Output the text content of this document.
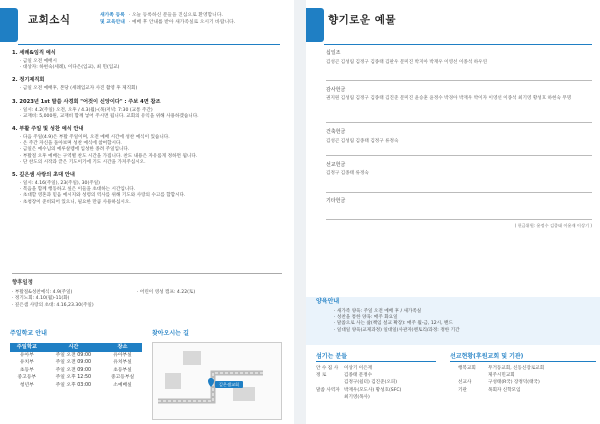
교회소식	새가족 등록
및 교육안내
· 오늘 등록하신 분들을 진심으로 환영합니다.
· 예배 후 안내를 받아 새가족실로 오시기 바랍니다.
1. 세례&임직 예식
· 금일 오전 예배시
· 대상자: 하현숙(세례), 이다은(입교), 최 민(입교)
2. 정기제직회
· 금일 오전 예배후, 본당 (세례입교자 사진 촬영 후 제직회)
3. 2023년 1st 말씀 사경회 "어것이 신앙이다" : 주보 4면 참조
· 일시: 4.2(주일) 오전, 오후 / 4.3(월)-(목)저녁: 7:30 (교통 주간)
· 교재비: 5,000원, 교재비 함께 넣어 주시면 됩니다. 교회의 유익을 위해 사용하겠습니다.
4. 부활 주일 및 성찬 예식 안내
· 다음 주일(4.9)은 부활 주일이며, 오전 예배 시간에 성찬 예식이 있습니다.
· 온 주간 자신을 돌아보며 성찬 예식에 참여합시다.
· 금일은 예수님의 예루살렘에 입성한 종려 주일입니다.
· 부활절 오후 예배는 구역별 찬도 시간을 가집니다. 찬도 내용은 자유롭게 정하면 됩니다.
· 단 찬도의 시작과 끝은 기도이기에 기도 시간을 가져주십시오.
5. 깊은샘 사랑의 초대 안내
· 일시: 4.16(주일), 23(주일), 30(주일)
· 복음을 함께 행동하고 싶은 이들을 초대하는 시간입니다.
· 초대할 영혼과 믿음 예시지와 성령의 역사를 위해 기도와 사랑의 수고를 합합시다.
· 초청장이 준비되어 있으니, 필요한 만큼 사용하십시오.
향후일정
· 부활절&성찬예식: 4.9(주일)	· 어린이 영성 캠프: 4.22(토)
· 정기노회: 4.10(월)-11(화)
· 깊은샘 사랑의 초대: 4.16,23.30(주일)
주일학교 안내	찾아오시는 길
주일학교	시간	장소
유아부	주일 오전 09:00	유아부실
유치부	주일 오전 09:00	유치부실
초등부	주일 오전 09:00	초등부실
중고등부	주일 오후 12:50	중고등부실
청년부	주일 오후 03:00	소예배실	깊은샘교회
향기로운 예물
십일조
김성곤 김성림 김정구 김종태 김판우 문미진 박지아 박재우 이영선 이종석 하우연
감사헌금
권지원 김성림 김정구 김종태 김진준 문미진 윤승훈 윤정수 박경아 박재우 박이자 이영선 이종석 최기영 황성호 하현숙 무명
건축헌금
김성곤 김성림 김종태 김정구 류정숙
선교헌금
김정구 김종태 류정숙
기타헌금
( 헌금위원: 윤정수 김종태 이윤재 이상기 )
양육안내
· 새가족 양육: 주일 오전 예배 후 / 새가족실
· 성찬을 통한 양육: 매주 화요일
· 말씀으로 사는 삶(책임 설교 확장): 매주 월-금, 12시, 밴드
· 일대일 양육(교제과정) 일대일(사관자)멘토리/과정: 정한 기간
섬기는 분들
안 수 집 사	이상기 이은재
정 로	김종태 문정수
김정구(쉼터) 김진준(오피)
말씀 사역자 박재우(모도사) 황성호(SFC)
최기영(목사)
선교현황(후원교회 및 기관)
행복교회	무거동교회, 신동신장로교회
제주시민교회
선교사	구성태(R국) 장정덕(태국)
기관	목회자 신학모임
